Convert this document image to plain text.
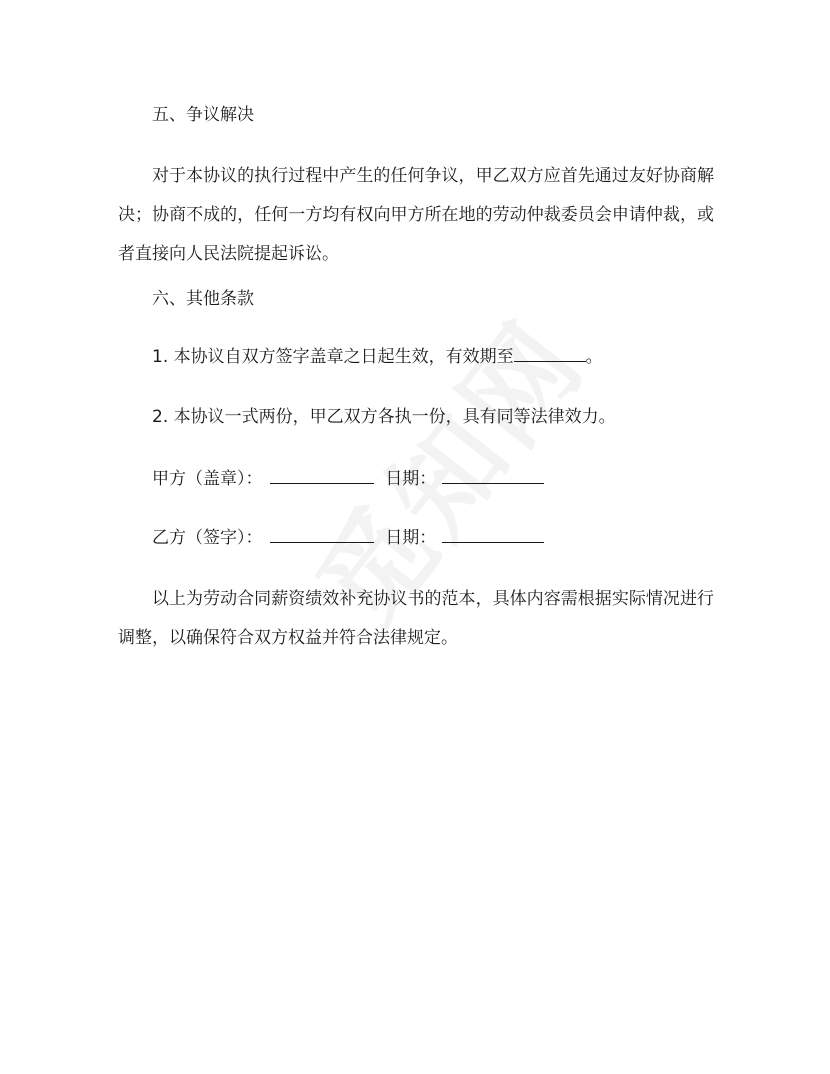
五、争议解决
对于本协议的执行过程中产生的任何争议，甲乙双方应首先通过友好协商解决；协商不成的，任何一方均有权向甲方所在地的劳动仲裁委员会申请仲裁，或者直接向人民法院提起诉讼。
六、其他条款
1. 本协议自双方签字盖章之日起生效，有效期至	。
2. 本协议一式两份，甲乙双方各执一份，具有同等法律效力。
甲方（盖章）：	日期：
乙方（签字）：	日期：
以上为劳动合同薪资绩效补充协议书的范本，具体内容需根据实际情况进行调整，以确保符合双方权益并符合法律规定。
